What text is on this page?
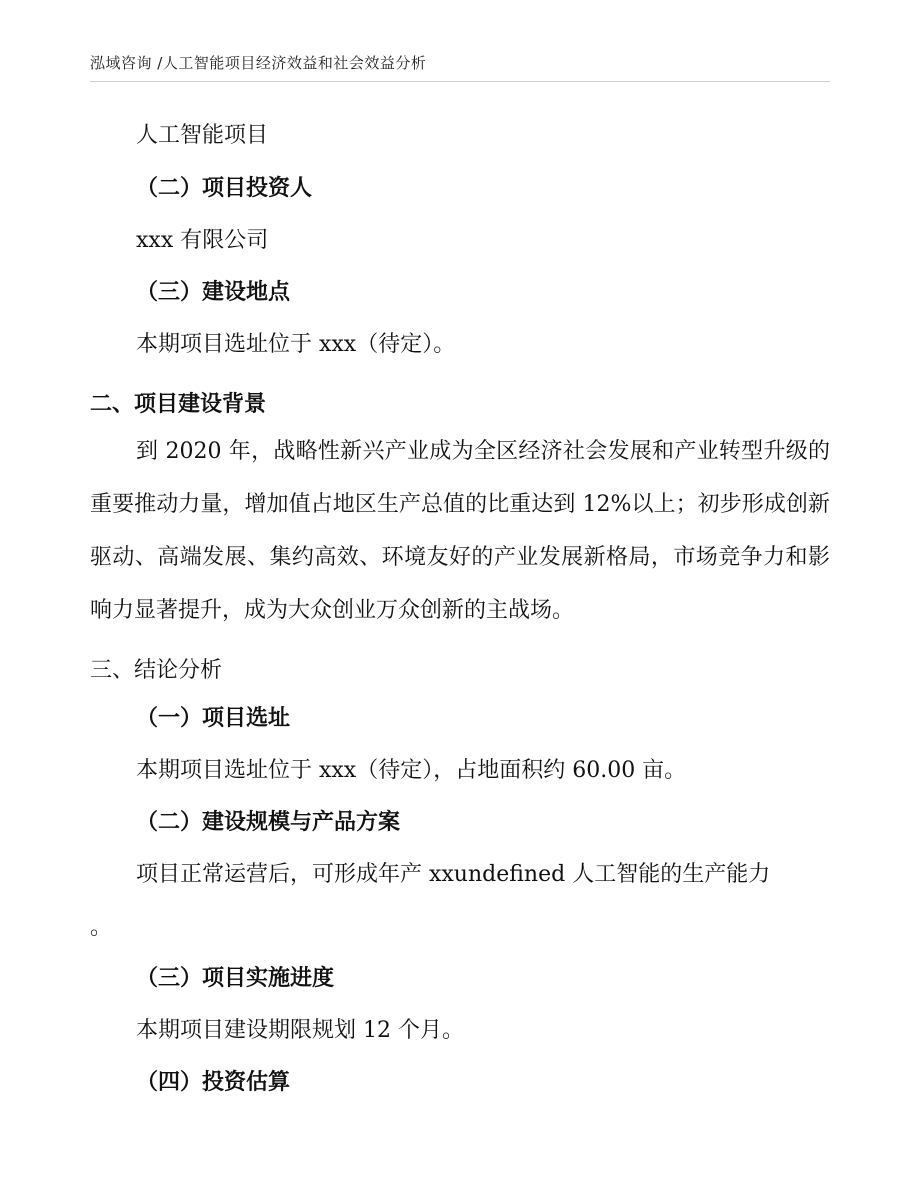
泓域咨询 /人工智能项目经济效益和社会效益分析

人工智能项目

（二）项目投资人

xxx 有限公司

（三）建设地点

本期项目选址位于 xxx（待定）。

二、项目建设背景

到 2020 年，战略性新兴产业成为全区经济社会发展和产业转型升级的重要推动力量，增加值占地区生产总值的比重达到 12%以上；初步形成创新驱动、高端发展、集约高效、环境友好的产业发展新格局，市场竞争力和影响力显著提升，成为大众创业万众创新的主战场。

三、结论分析

（一）项目选址

本期项目选址位于 xxx（待定），占地面积约 60.00 亩。

（二）建设规模与产品方案

项目正常运营后，可形成年产 xxundefined 人工智能的生产能力

。

（三）项目实施进度

本期项目建设期限规划 12 个月。

（四）投资估算
